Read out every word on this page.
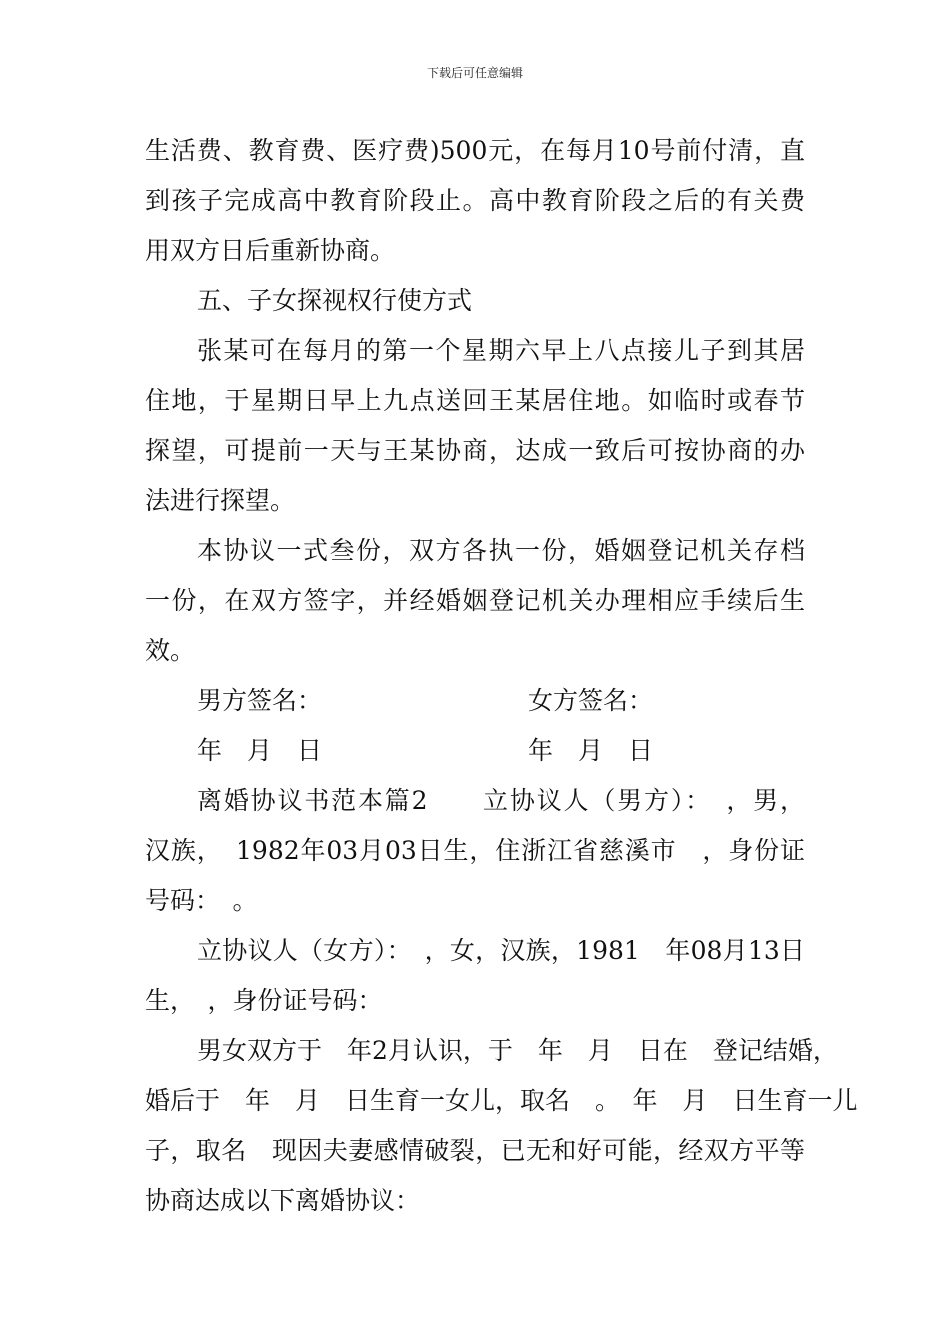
下载后可任意编辑
生活费、教育费、医疗费)500元，在每月10号前付清，直
到孩子完成高中教育阶段止。高中教育阶段之后的有关费
用双方日后重新协商。
五、子女探视权行使方式
张某可在每月的第一个星期六早上八点接儿子到其居
住地，于星期日早上九点送回王某居住地。如临时或春节
探望，可提前一天与王某协商，达成一致后可按协商的办
法进行探望。
本协议一式叁份，双方各执一份，婚姻登记机关存档
一份，在双方签字，并经婚姻登记机关办理相应手续后生
效。
男方签名：	女方签名：
年　月　日	年　月　日
离婚协议书范本篇2　　立协议人（男方）：　，男，
汉族，　1982年03月03日生，住浙江省慈溪市　，身份证
号码：　。
立协议人（女方）：　，女，汉族，1981　年08月13日
生，　，身份证号码：
男女双方于　年2月认识，于　年　月　日在　登记结婚，
婚后于　年　月　日生育一女儿，取名　。　年　月　日生育一儿
子，取名　现因夫妻感情破裂，已无和好可能，经双方平等
协商达成以下离婚协议：
